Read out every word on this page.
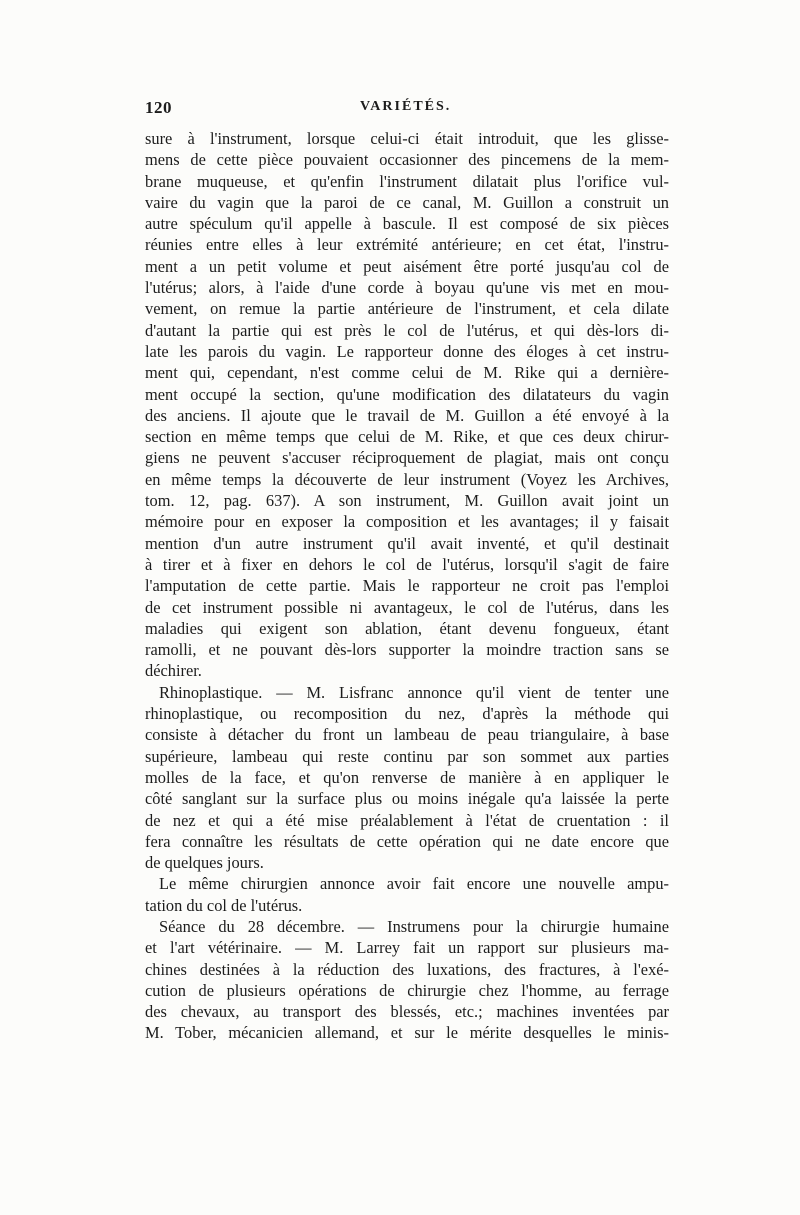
120	VARIÉTÉS.
sure à l'instrument, lorsque celui-ci était introduit, que les glisse-
mens de cette pièce pouvaient occasionner des pincemens de la mem-
brane muqueuse, et qu'enfin l'instrument dilatait plus l'orifice vul-
vaire du vagin que la paroi de ce canal, M. Guillon a construit un
autre spéculum qu'il appelle à bascule. Il est composé de six pièces
réunies entre elles à leur extrémité antérieure; en cet état, l'instru-
ment a un petit volume et peut aisément être porté jusqu'au col de
l'utérus; alors, à l'aide d'une corde à boyau qu'une vis met en mou-
vement, on remue la partie antérieure de l'instrument, et cela dilate
d'autant la partie qui est près le col de l'utérus, et qui dès-lors di-
late les parois du vagin. Le rapporteur donne des éloges à cet instru-
ment qui, cependant, n'est comme celui de M. Rike qui a dernière-
ment occupé la section, qu'une modification des dilatateurs du vagin
des anciens. Il ajoute que le travail de M. Guillon a été envoyé à la
section en même temps que celui de M. Rike, et que ces deux chirur-
giens ne peuvent s'accuser réciproquement de plagiat, mais ont conçu
en même temps la découverte de leur instrument (Voyez les Archives,
tom. 12, pag. 637). A son instrument, M. Guillon avait joint un
mémoire pour en exposer la composition et les avantages; il y faisait
mention d'un autre instrument qu'il avait inventé, et qu'il destinait
à tirer et à fixer en dehors le col de l'utérus, lorsqu'il s'agit de faire
l'amputation de cette partie. Mais le rapporteur ne croit pas l'emploi
de cet instrument possible ni avantageux, le col de l'utérus, dans les
maladies qui exigent son ablation, étant devenu fongueux, étant
ramolli, et ne pouvant dès-lors supporter la moindre traction sans se
déchirer.
Rhinoplastique. — M. Lisfranc annonce qu'il vient de tenter une
rhinoplastique, ou recomposition du nez, d'après la méthode qui
consiste à détacher du front un lambeau de peau triangulaire, à base
supérieure, lambeau qui reste continu par son sommet aux parties
molles de la face, et qu'on renverse de manière à en appliquer le
côté sanglant sur la surface plus ou moins inégale qu'a laissée la perte
de nez et qui a été mise préalablement à l'état de cruentation : il
fera connaître les résultats de cette opération qui ne date encore que
de quelques jours.
Le même chirurgien annonce avoir fait encore une nouvelle ampu-
tation du col de l'utérus.
Séance du 28 décembre. — Instrumens pour la chirurgie humaine
et l'art vétérinaire. — M. Larrey fait un rapport sur plusieurs ma-
chines destinées à la réduction des luxations, des fractures, à l'exé-
cution de plusieurs opérations de chirurgie chez l'homme, au ferrage
des chevaux, au transport des blessés, etc.; machines inventées par
M. Tober, mécanicien allemand, et sur le mérite desquelles le minis-
